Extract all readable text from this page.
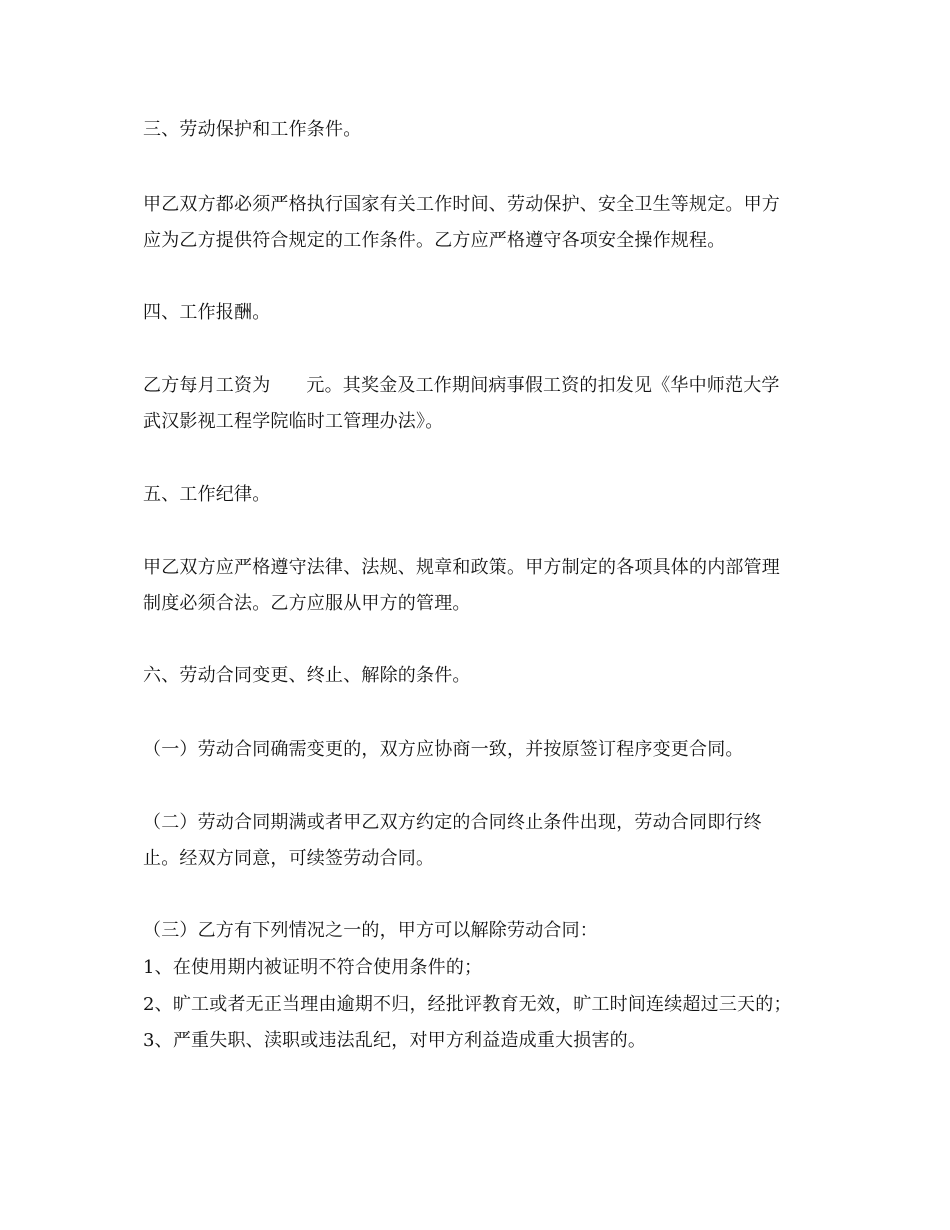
三、劳动保护和工作条件。
甲乙双方都必须严格执行国家有关工作时间、劳动保护、安全卫生等规定。甲方
应为乙方提供符合规定的工作条件。乙方应严格遵守各项安全操作规程。
四、工作报酬。
乙方每月工资为 元。其奖金及工作期间病事假工资的扣发见《华中师范大学
武汉影视工程学院临时工管理办法》。
五、工作纪律。
甲乙双方应严格遵守法律、法规、规章和政策。甲方制定的各项具体的内部管理
制度必须合法。乙方应服从甲方的管理。
六、劳动合同变更、终止、解除的条件。
（一）劳动合同确需变更的，双方应协商一致，并按原签订程序变更合同。
（二）劳动合同期满或者甲乙双方约定的合同终止条件出现，劳动合同即行终
止。经双方同意，可续签劳动合同。
（三）乙方有下列情况之一的，甲方可以解除劳动合同：
1、在使用期内被证明不符合使用条件的；
2、旷工或者无正当理由逾期不归，经批评教育无效，旷工时间连续超过三天的；
3、严重失职、渎职或违法乱纪，对甲方利益造成重大损害的。
